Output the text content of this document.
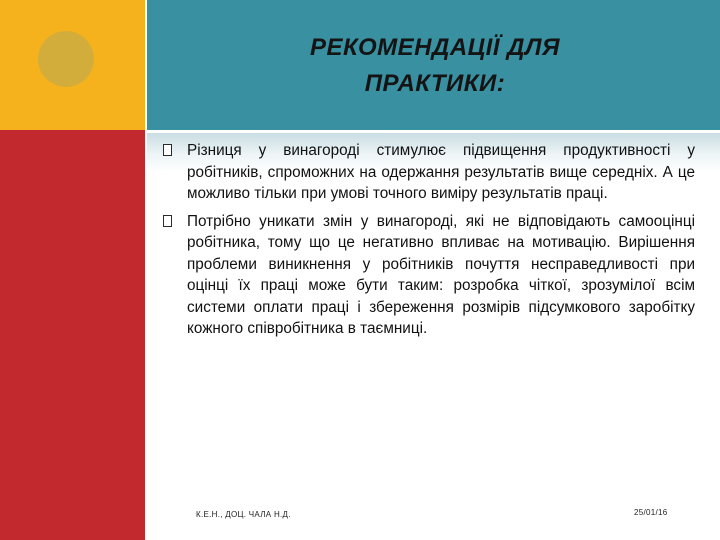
РЕКОМЕНДАЦІЇ ДЛЯ ПРАКТИКИ:
Різниця у винагороді стимулює підвищення продуктивності у робітників, спроможних на одержання результатів вище середніх. А це можливо тільки при умові точного виміру результатів праці.
Потрібно уникати змін у винагороді, які не відповідають самооцінці робітника, тому що це негативно впливає на мотивацію. Вирішення проблеми виникнення у робітників почуття несправедливості при оцінці їх праці може бути таким: розробка чіткої, зрозумілої всім системи оплати праці і збереження розмірів підсумкового заробітку кожного співробітника в таємниці.
К.Е.Н., ДОЦ. ЧАЛА Н.Д.	25/01/16
